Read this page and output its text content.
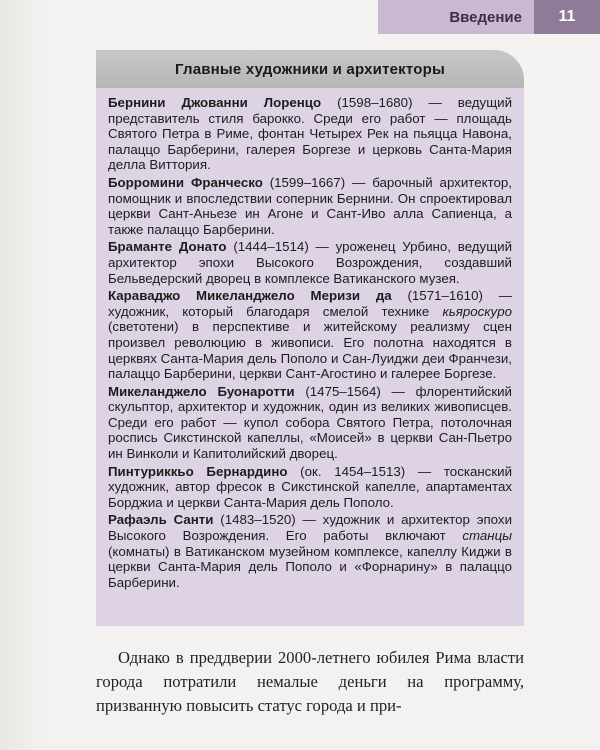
Введение	11
Главные художники и архитекторы
Бернини Джованни Лоренцо (1598–1680) — ведущий представитель стиля барокко. Среди его работ — площадь Святого Петра в Риме, фонтан Четырех Рек на пьяцца Навона, палаццо Барберини, галерея Боргезе и церковь Санта-Мария делла Виттория.
Борромини Франческо (1599–1667) — барочный архитектор, помощник и впоследствии соперник Бернини. Он спроектировал церкви Сант-Аньезе ин Агоне и Сант-Иво алла Сапиенца, а также палаццо Барберини.
Браманте Донато (1444–1514) — уроженец Урбино, ведущий архитектор эпохи Высокого Возрождения, создавший Бельведерский дворец в комплексе Ватиканского музея.
Караваджо Микеланджело Меризи да (1571–1610) — художник, который благодаря смелой технике кьяроскуро (светотени) в перспективе и житейскому реализму сцен произвел революцию в живописи. Его полотна находятся в церквях Санта-Мария дель Пополо и Сан-Луиджи деи Франчези, палаццо Барберини, церкви Сант-Агостино и галерее Боргезе.
Микеланджело Буонаротти (1475–1564) — флорентийский скульптор, архитектор и художник, один из великих живописцев. Среди его работ — купол собора Святого Петра, потолочная роспись Сикстинской капеллы, «Моисей» в церкви Сан-Пьетро ин Винколи и Капитолийский дворец.
Пинтуриккьо Бернардино (ок. 1454–1513) — тосканский художник, автор фресок в Сикстинской капелле, апартаментах Борджиа и церкви Санта-Мария дель Пополо.
Рафаэль Санти (1483–1520) — художник и архитектор эпохи Высокого Возрождения. Его работы включают станцы (комнаты) в Ватиканском музейном комплексе, капеллу Киджи в церкви Санта-Мария дель Пополо и «Форнарину» в палаццо Барберини.

Однако в преддверии 2000-летнего юбилея Рима власти города потратили немалые деньги на программу, призванную повысить статус города и при-
